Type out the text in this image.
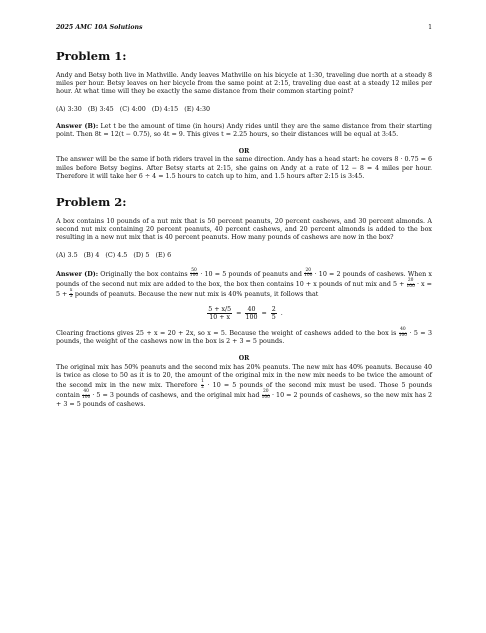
2025 AMC 10A Solutions	1
Problem 1:

Andy and Betsy both live in Mathville. Andy leaves Mathville on his bicycle at 1:30, traveling due north at a steady 8 miles per hour. Betsy leaves on her bicycle from the same point at 2:15, traveling due east at a steady 12 miles per hour. At what time will they be exactly the same distance from their common starting point?

(A) 3:30   (B) 3:45   (C) 4:00   (D) 4:15   (E) 4:30

Answer (B): Let t be the amount of time (in hours) Andy rides until they are the same distance from their starting point. Then 8t = 12(t − 0.75), so 4t = 9. This gives t = 2.25 hours, so their distances will be equal at 3:45.

OR

The answer will be the same if both riders travel in the same direction. Andy has a head start: he covers 8 · 0.75 = 6 miles before Betsy begins. After Betsy starts at 2:15, she gains on Andy at a rate of 12 − 8 = 4 miles per hour. Therefore it will take her 6 ÷ 4 = 1.5 hours to catch up to him, and 1.5 hours after 2:15 is 3:45.

Problem 2:

A box contains 10 pounds of a nut mix that is 50 percent peanuts, 20 percent cashews, and 30 percent almonds. A second nut mix containing 20 percent peanuts, 40 percent cashews, and 20 percent almonds is added to the box resulting in a new nut mix that is 40 percent peanuts. How many pounds of cashews are now in the box?

(A) 3.5   (B) 4   (C) 4.5   (D) 5   (E) 6

Answer (D): Originally the box contains $\frac{50}{100} \cdot 10 = 5$ pounds of peanuts and $\frac{20}{100} \cdot 10 = 2$ pounds of cashews. When x pounds of the second nut mix are added to the box, the box then contains 10 + x pounds of nut mix and $5 + \frac{20}{100} \cdot x = 5 + \frac{x}{5}$ pounds of peanuts. Because the new nut mix is 40% peanuts, it follows that

$\frac{5 + x/5}{10 + x} = \frac{40}{100} = \frac{2}{5}$ .

Clearing fractions gives 25 + x = 20 + 2x, so x = 5. Because the weight of cashews added to the box is $\frac{40}{100} \cdot 5 = 3$ pounds, the weight of the cashews now in the box is 2 + 3 = 5 pounds.

OR

The original mix has 50% peanuts and the second mix has 20% peanuts. The new mix has 40% peanuts. Because 40 is twice as close to 50 as it is to 20, the amount of the original mix in the new mix needs to be twice the amount of the second mix in the new mix. Therefore $\frac{1}{2} \cdot 10 = 5$ pounds of the second mix must be used. Those 5 pounds contain $\frac{40}{100} \cdot 5 = 3$ pounds of cashews, and the original mix had $\frac{20}{100} \cdot 10 = 2$ pounds of cashews, so the new mix has 2 + 3 = 5 pounds of cashews.
